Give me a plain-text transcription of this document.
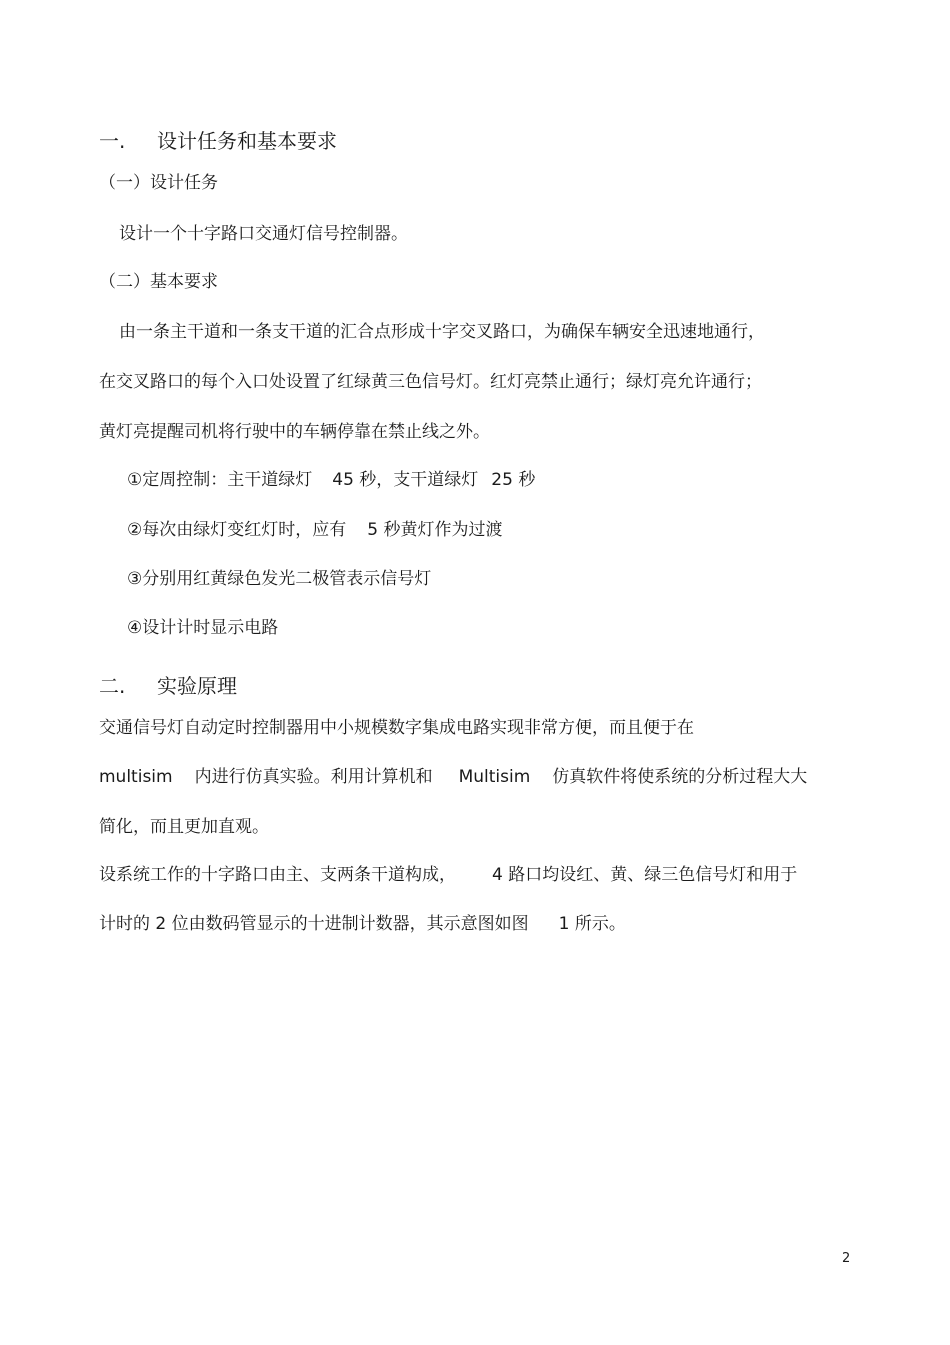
一. 设计任务和基本要求
（一）设计任务
设计一个十字路口交通灯信号控制器。
（二）基本要求
由一条主干道和一条支干道的汇合点形成十字交叉路口，为确保车辆安全迅速地通行，
在交叉路口的每个入口处设置了红绿黄三色信号灯。红灯亮禁止通行；绿灯亮允许通行；
黄灯亮提醒司机将行驶中的车辆停靠在禁止线之外。
①定周控制：主干道绿灯 45 秒，支干道绿灯 25 秒
②每次由绿灯变红灯时，应有 5 秒黄灯作为过渡
③分别用红黄绿色发光二极管表示信号灯
④设计计时显示电路
二. 实验原理
交通信号灯自动定时控制器用中小规模数字集成电路实现非常方便，而且便于在
multisim 内进行仿真实验。利用计算机和 Multisim 仿真软件将使系统的分析过程大大
简化，而且更加直观。
设系统工作的十字路口由主、支两条干道构成， 4 路口均设红、黄、绿三色信号灯和用于
计时的 2 位由数码管显示的十进制计数器，其示意图如图 1 所示。
2
